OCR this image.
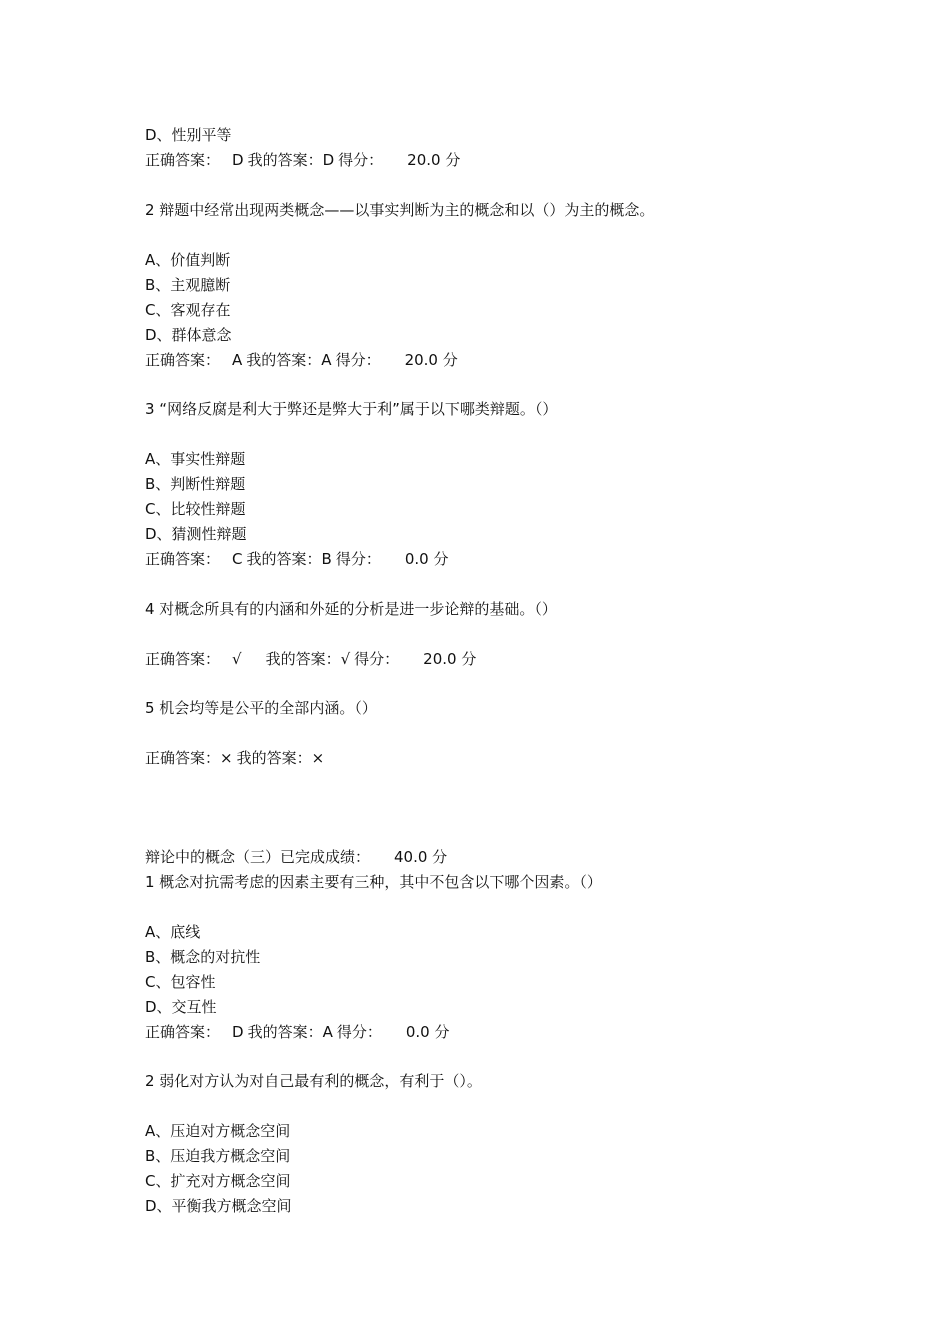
D、性别平等
正确答案： D 我的答案：D 得分： 20.0 分
2 辩题中经常出现两类概念——以事实判断为主的概念和以（）为主的概念。
A、价值判断
B、主观臆断
C、客观存在
D、群体意念
正确答案： A 我的答案：A 得分： 20.0 分
3 “网络反腐是利大于弊还是弊大于利”属于以下哪类辩题。（）
A、事实性辩题
B、判断性辩题
C、比较性辩题
D、猜测性辩题
正确答案： C 我的答案：B 得分： 0.0 分
4 对概念所具有的内涵和外延的分析是进一步论辩的基础。（）
正确答案： √ 我的答案：√ 得分： 20.0 分
5 机会均等是公平的全部内涵。（）
正确答案：× 我的答案：×
辩论中的概念（三）已完成成绩： 40.0 分
1 概念对抗需考虑的因素主要有三种，其中不包含以下哪个因素。（）
A、底线
B、概念的对抗性
C、包容性
D、交互性
正确答案： D 我的答案：A 得分： 0.0 分
2 弱化对方认为对自己最有利的概念，有利于（）。
A、压迫对方概念空间
B、压迫我方概念空间
C、扩充对方概念空间
D、平衡我方概念空间
